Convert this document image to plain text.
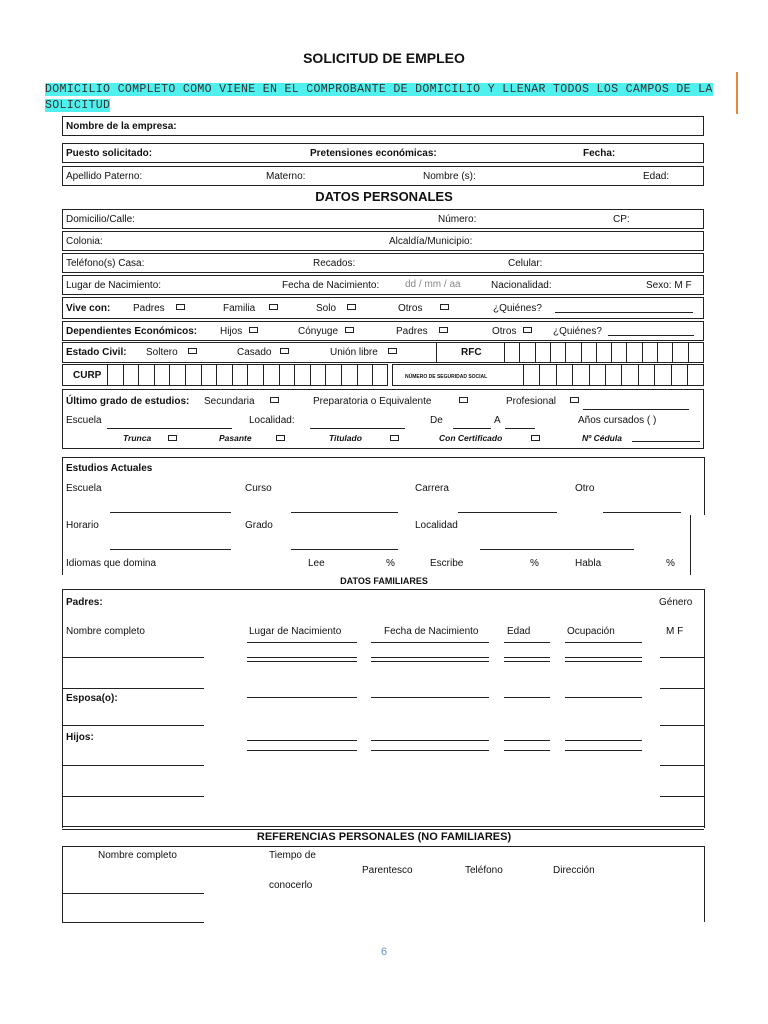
SOLICITUD DE EMPLEO
DOMICILIO COMPLETO COMO VIENE EN EL COMPROBANTE DE DOMICILIO Y LLENAR TODOS LOS CAMPOS DE LA SOLICITUD
Nombre de la empresa:
Puesto solicitado:	Pretensiones económicas:	Fecha:
Apellido Paterno:	Materno:	Nombre (s):	Edad:
DATOS PERSONALES
Domicilio/Calle:	Número:	CP:
Colonia:	Alcaldía/Municipio:
Teléfono(s) Casa:	Recados:	Celular:
Lugar de Nacimiento:	Fecha de Nacimiento:	dd / mm / aa	Nacionalidad:	Sexo: M F
Vive con: Padres	Familia	Solo	Otros	¿Quiénes?
Dependientes Económicos: Hijos	Cónyuge	Padres	Otros	¿Quiénes?
Estado Civil: Soltero	Casado	Unión libre	RFC
CURP	NÚMERO DE SEGURIDAD SOCIAL
Último grado de estudios: Secundaria	Preparatoria o Equivalente	Profesional
Escuela	Localidad:	De	A	Años cursados ( )
Trunca	Pasante	Titulado	Con Certificado	Nº Cédula
Estudios Actuales
Escuela	Curso	Carrera	Otro
Horario	Grado	Localidad
Idiomas que domina	Lee	%	Escribe	%	Habla	%
DATOS FAMILIARES
Padres:	Género
Nombre completo	Lugar de Nacimiento	Fecha de Nacimiento	Edad	Ocupación	M F
Esposa(o):
Hijos:
REFERENCIAS PERSONALES (NO FAMILIARES)
Nombre completo	Tiempo de
conocerlo
Parentesco	Teléfono	Dirección
6
